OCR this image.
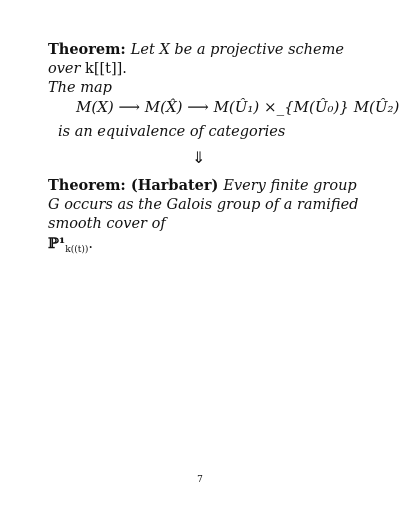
Theorem: Let X be a projective scheme over k[[t]].
The map
M(X) ⟶ M(X̂) ⟶ M(Û₁) ×_{M(Û₀)} M(Û₂)
is an equivalence of categories
⇓
Theorem: (Harbater) Every finite group G occurs as the Galois group of a ramified smooth cover of
$ℙ^1_{k((t))}$.
7
